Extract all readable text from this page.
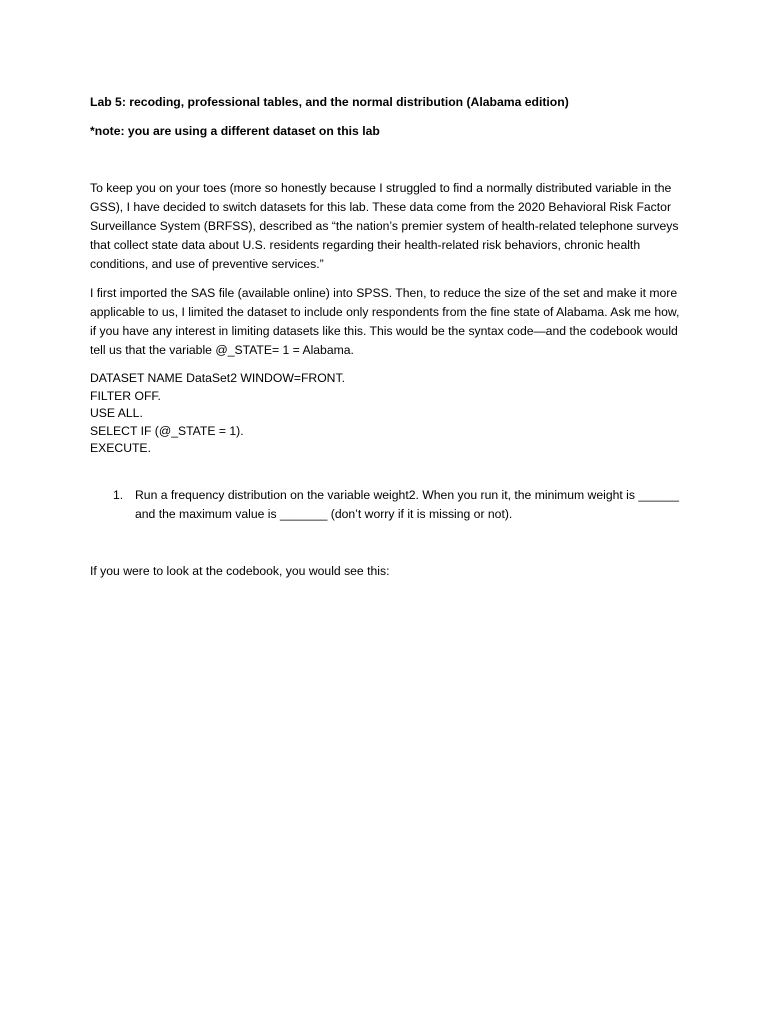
Lab 5: recoding, professional tables, and the normal distribution (Alabama edition)

*note: you are using a different dataset on this lab

To keep you on your toes (more so honestly because I struggled to find a normally distributed variable in the GSS), I have decided to switch datasets for this lab. These data come from the 2020 Behavioral Risk Factor Surveillance System (BRFSS), described as “the nation’s premier system of health-related telephone surveys that collect state data about U.S. residents regarding their health-related risk behaviors, chronic health conditions, and use of preventive services.”

I first imported the SAS file (available online) into SPSS. Then, to reduce the size of the set and make it more applicable to us, I limited the dataset to include only respondents from the fine state of Alabama. Ask me how, if you have any interest in limiting datasets like this. This would be the syntax code—and the codebook would tell us that the variable @_STATE= 1 = Alabama.

DATASET NAME DataSet2 WINDOW=FRONT.
FILTER OFF.
USE ALL.
SELECT IF (@_STATE = 1).
EXECUTE.
1. Run a frequency distribution on the variable weight2. When you run it, the minimum weight is ______ and the maximum value is _______ (don’t worry if it is missing or not).

If you were to look at the codebook, you would see this:
